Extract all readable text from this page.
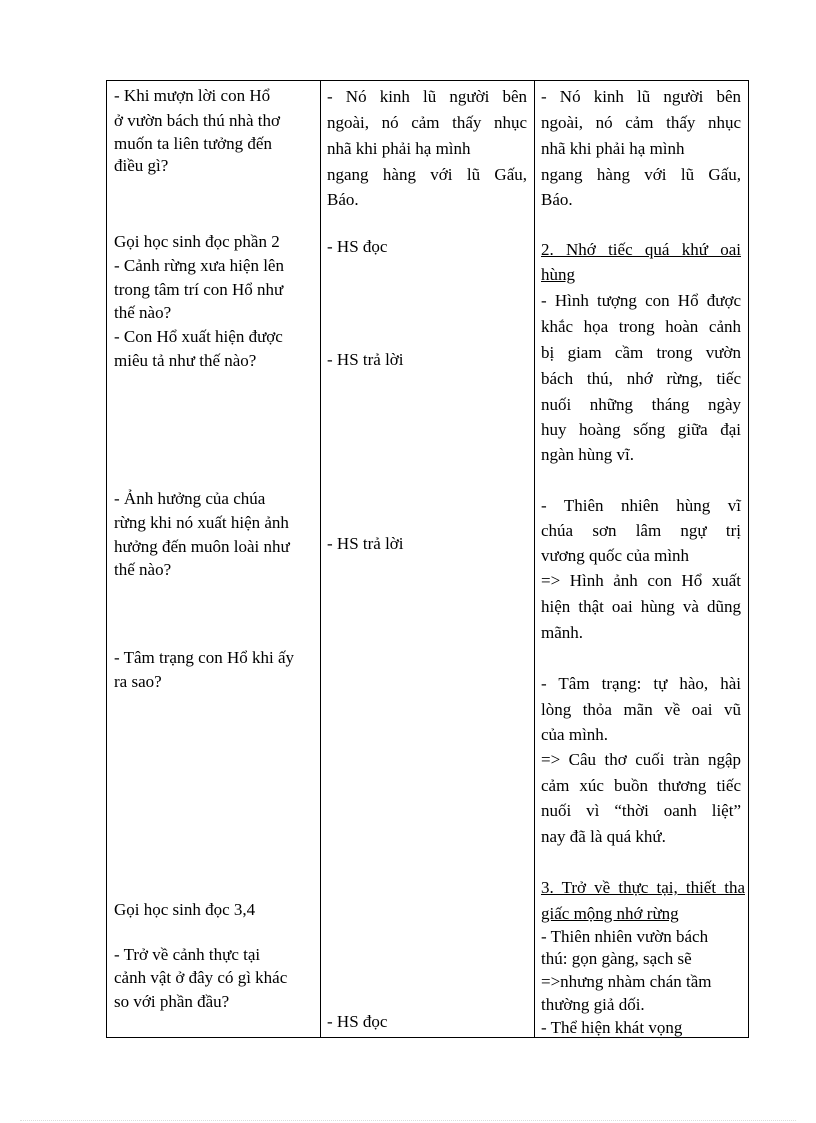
- Khi mượn lời con Hổ
ở vườn bách thú nhà thơ
muốn ta liên tưởng đến
điều gì?
Gọi học sinh đọc phần 2
- Cảnh rừng xưa hiện lên
trong tâm trí con Hổ như
thế nào?
- Con Hổ xuất hiện được
miêu tả như thế nào?
- Ảnh hưởng của chúa
rừng khi nó xuất hiện ảnh
hưởng đến muôn loài như
thế nào?
- Tâm trạng con Hổ khi ấy
ra sao?
Gọi học sinh đọc 3,4
- Trở về cảnh thực tại
cảnh vật ở đây có gì khác
so với phần đầu?
- Nó kinh lũ người bên
ngoài, nó cảm thấy nhục
nhã khi phải hạ mình
ngang hàng với lũ Gấu,
Báo.
- HS đọc
- HS trả lời
- HS trả lời
- HS đọc
- Nó kinh lũ người bên
ngoài, nó cảm thấy nhục
nhã khi phải hạ mình
ngang hàng với lũ Gấu,
Báo.
2. Nhớ tiếc quá khứ oai
hùng
- Hình tượng con Hổ được
khắc họa trong hoàn cảnh
bị giam cầm trong vườn
bách thú, nhớ rừng, tiếc
nuối những tháng ngày
huy hoàng sống giữa đại
ngàn hùng vĩ.
- Thiên nhiên hùng vĩ
chúa sơn lâm ngự trị
vương quốc của mình
=> Hình ảnh con Hổ xuất
hiện thật oai hùng và dũng
mãnh.
- Tâm trạng: tự hào, hài
lòng thỏa mãn về oai vũ
của mình.
=> Câu thơ cuối tràn ngập
cảm xúc buồn thương tiếc
nuối vì “thời oanh liệt”
nay đã là quá khứ.
3. Trở về thực tại, thiết tha
giấc mộng nhớ rừng
- Thiên nhiên vườn bách
thú: gọn gàng, sạch sẽ
=>nhưng nhàm chán tầm
thường giả dối.
- Thể hiện khát vọng
